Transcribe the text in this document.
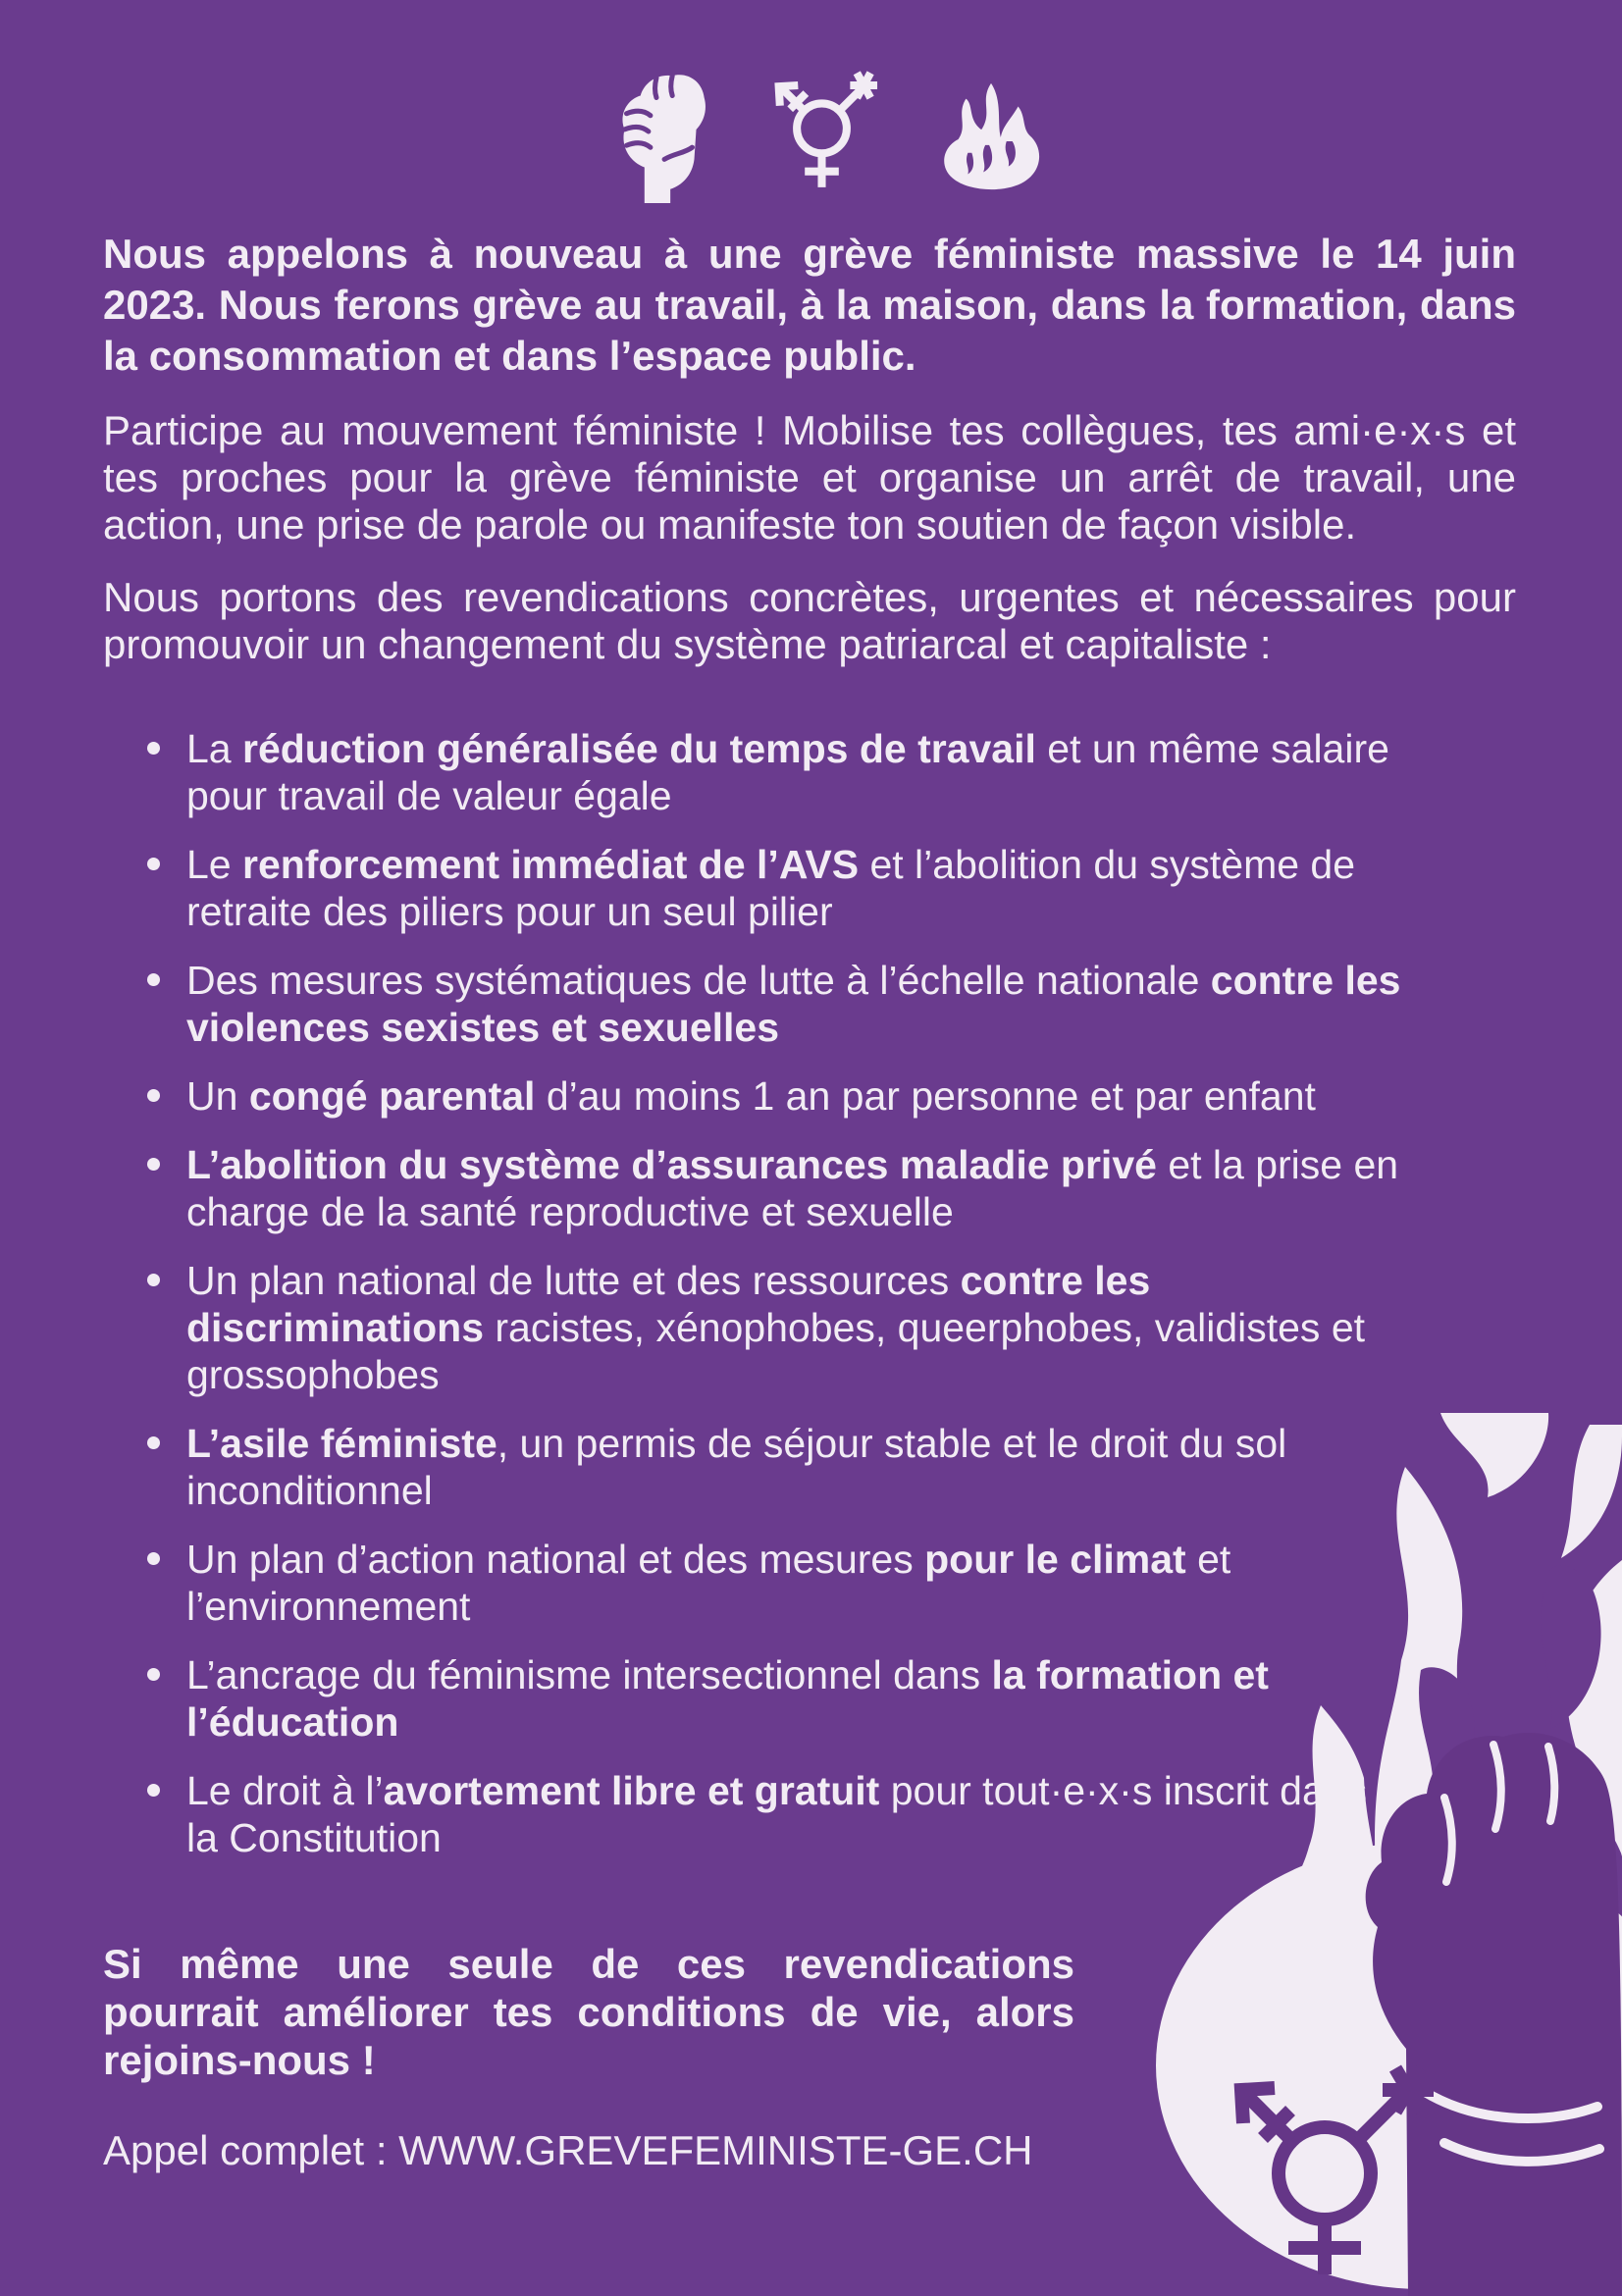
Nous appelons à nouveau à une grève féministe massive le 14 juin 2023. Nous ferons grève au travail, à la maison, dans la formation, dans la consommation et dans l’espace public.

Participe au mouvement féministe ! Mobilise tes collègues, tes ami·e·x·s et tes proches pour la grève féministe et organise un arrêt de travail, une action, une prise de parole ou manifeste ton soutien de façon visible.

Nous portons des revendications concrètes, urgentes et nécessaires pour promouvoir un changement du système patriarcal et capitaliste :

La réduction généralisée du temps de travail et un même salaire pour travail de valeur égale
Le renforcement immédiat de l’AVS et l’abolition du système de retraite des piliers pour un seul pilier
Des mesures systématiques de lutte à l’échelle nationale contre les violences sexistes et sexuelles
Un congé parental d’au moins 1 an par personne et par enfant
L’abolition du système d’assurances maladie privé et la prise en charge de la santé reproductive et sexuelle
Un plan national de lutte et des ressources contre les discriminations racistes, xénophobes, queerphobes, validistes et grossophobes
L’asile féministe, un permis de séjour stable et le droit du sol inconditionnel
Un plan d’action national et des mesures pour le climat et l’environnement
L’ancrage du féminisme intersectionnel dans la formation et l’éducation
Le droit à l’avortement libre et gratuit pour tout·e·x·s inscrit dans la Constitution

Si même une seule de ces revendications pourrait améliorer tes conditions de vie, alors rejoins-nous !

Appel complet : WWW.GREVEFEMINISTE-GE.CH
